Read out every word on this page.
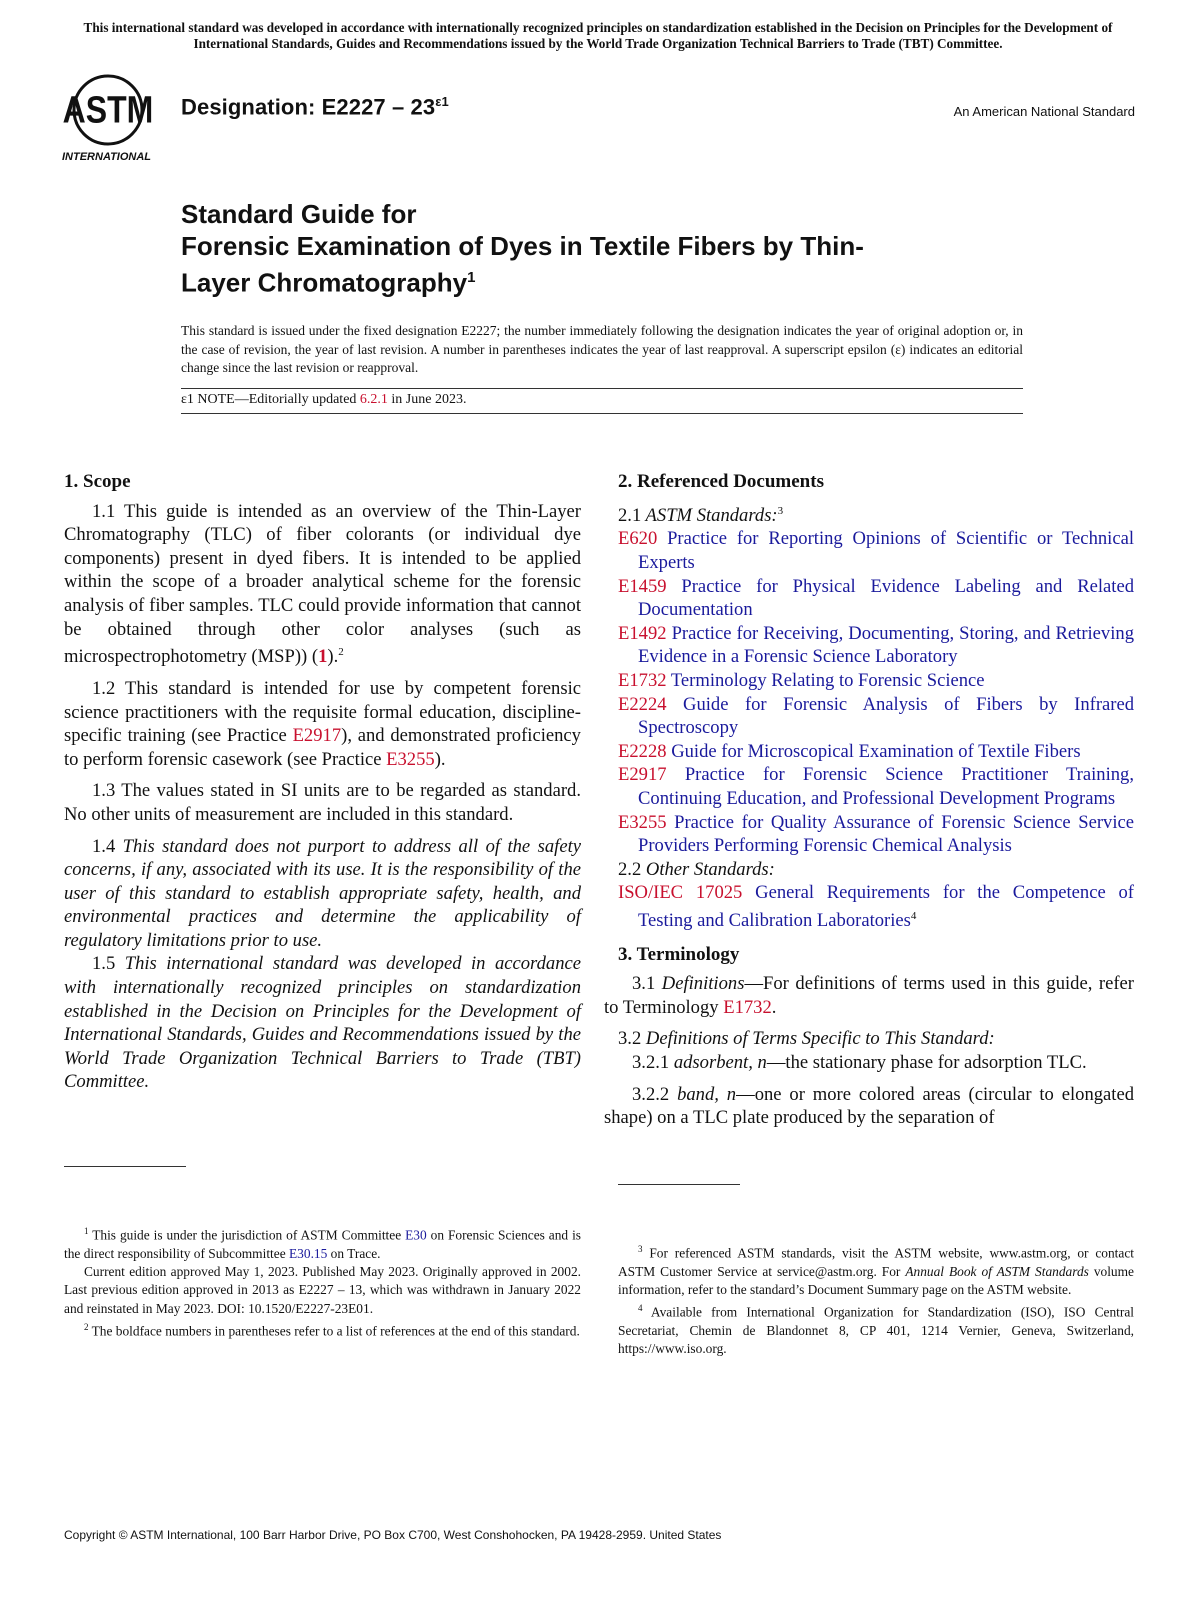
This international standard was developed in accordance with internationally recognized principles on standardization established in the Decision on Principles for the Development of International Standards, Guides and Recommendations issued by the World Trade Organization Technical Barriers to Trade (TBT) Committee.
ASTM
INTERNATIONAL
Designation: $E2227 - 23^{\varepsilon 1}$
An American National Standard
Standard Guide for
Forensic Examination of Dyes in Textile Fibers by Thin-
Layer Chromatography$^1$
This standard is issued under the fixed designation E2227; the number immediately following the designation indicates the year of original adoption or, in the case of revision, the year of last revision. A number in parentheses indicates the year of last reapproval. A superscript epsilon (ε) indicates an editorial change since the last revision or reapproval.
ε1 NOTE—Editorially updated 6.2.1 in June 2023.

1. Scope

1.1 This guide is intended as an overview of the Thin-Layer Chromatography (TLC) of fiber colorants (or individual dye components) present in dyed fibers. It is intended to be applied within the scope of a broader analytical scheme for the forensic analysis of fiber samples. TLC could provide information that cannot be obtained through other color analyses (such as microspectrophotometry (MSP)) (1).$^2$

1.2 This standard is intended for use by competent forensic science practitioners with the requisite formal education, discipline-specific training (see Practice E2917), and demonstrated proficiency to perform forensic casework (see Practice E3255).

1.3 The values stated in SI units are to be regarded as standard. No other units of measurement are included in this standard.

1.4 This standard does not purport to address all of the safety concerns, if any, associated with its use. It is the responsibility of the user of this standard to establish appropriate safety, health, and environmental practices and determine the applicability of regulatory limitations prior to use.

1.5 This international standard was developed in accordance with internationally recognized principles on standardization established in the Decision on Principles for the Development of International Standards, Guides and Recommendations issued by the World Trade Organization Technical Barriers to Trade (TBT) Committee.

2. Referenced Documents

2.1 ASTM Standards:$^3$

E620 Practice for Reporting Opinions of Scientific or Technical Experts

E1459 Practice for Physical Evidence Labeling and Related Documentation

E1492 Practice for Receiving, Documenting, Storing, and Retrieving Evidence in a Forensic Science Laboratory

E1732 Terminology Relating to Forensic Science

E2224 Guide for Forensic Analysis of Fibers by Infrared Spectroscopy

E2228 Guide for Microscopical Examination of Textile Fibers

E2917 Practice for Forensic Science Practitioner Training, Continuing Education, and Professional Development Programs

E3255 Practice for Quality Assurance of Forensic Science Service Providers Performing Forensic Chemical Analysis

2.2 Other Standards:

ISO/IEC 17025 General Requirements for the Competence of Testing and Calibration Laboratories$^4$

3. Terminology

3.1 Definitions—For definitions of terms used in this guide, refer to Terminology E1732.

3.2 Definitions of Terms Specific to This Standard:

3.2.1 adsorbent, n—the stationary phase for adsorption TLC.

3.2.2 band, n—one or more colored areas (circular to elongated shape) on a TLC plate produced by the separation of

$^1$ This guide is under the jurisdiction of ASTM Committee E30 on Forensic Sciences and is the direct responsibility of Subcommittee E30.15 on Trace.

Current edition approved May 1, 2023. Published May 2023. Originally approved in 2002. Last previous edition approved in 2013 as E2227 – 13, which was withdrawn in January 2022 and reinstated in May 2023. DOI: 10.1520/E2227-23E01.

$^2$ The boldface numbers in parentheses refer to a list of references at the end of this standard.

$^3$ For referenced ASTM standards, visit the ASTM website, www.astm.org, or contact ASTM Customer Service at service@astm.org. For Annual Book of ASTM Standards volume information, refer to the standard’s Document Summary page on the ASTM website.

$^4$ Available from International Organization for Standardization (ISO), ISO Central Secretariat, Chemin de Blandonnet 8, CP 401, 1214 Vernier, Geneva, Switzerland, https://www.iso.org.

Copyright © ASTM International, 100 Barr Harbor Drive, PO Box C700, West Conshohocken, PA 19428-2959. United States
